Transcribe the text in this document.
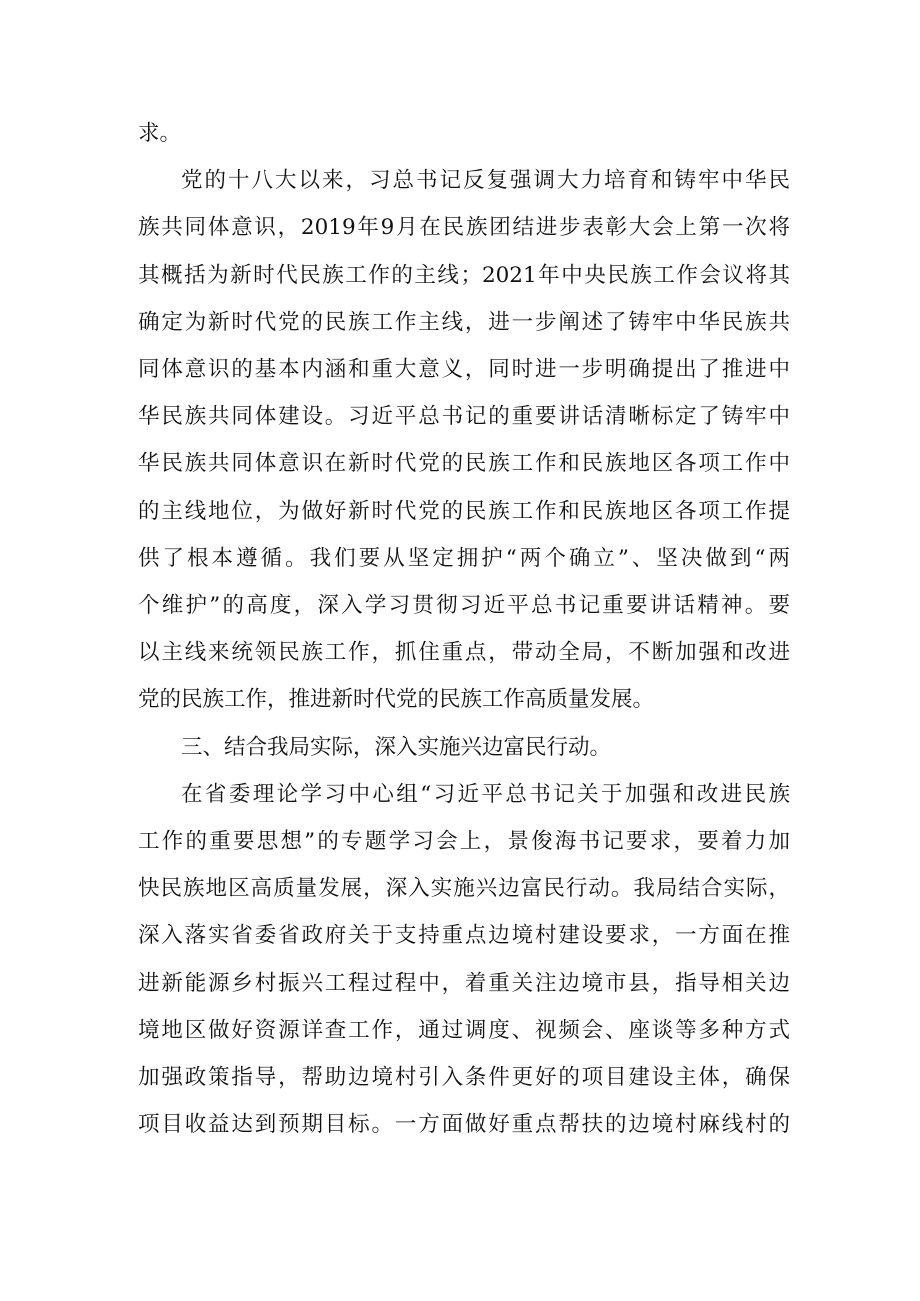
求。
党的十八大以来，习总书记反复强调大力培育和铸牢中华民
族共同体意识，2019年9月在民族团结进步表彰大会上第一次将
其概括为新时代民族工作的主线；2021年中央民族工作会议将其
确定为新时代党的民族工作主线，进一步阐述了铸牢中华民族共
同体意识的基本内涵和重大意义，同时进一步明确提出了推进中
华民族共同体建设。习近平总书记的重要讲话清晰标定了铸牢中
华民族共同体意识在新时代党的民族工作和民族地区各项工作中
的主线地位，为做好新时代党的民族工作和民族地区各项工作提
供了根本遵循。我们要从坚定拥护“两个确立”、坚决做到“两
个维护”的高度，深入学习贯彻习近平总书记重要讲话精神。要
以主线来统领民族工作，抓住重点，带动全局，不断加强和改进
党的民族工作，推进新时代党的民族工作高质量发展。
三、结合我局实际，深入实施兴边富民行动。
在省委理论学习中心组“习近平总书记关于加强和改进民族
工作的重要思想”的专题学习会上，景俊海书记要求，要着力加
快民族地区高质量发展，深入实施兴边富民行动。我局结合实际，
深入落实省委省政府关于支持重点边境村建设要求，一方面在推
进新能源乡村振兴工程过程中，着重关注边境市县，指导相关边
境地区做好资源详查工作，通过调度、视频会、座谈等多种方式
加强政策指导，帮助边境村引入条件更好的项目建设主体，确保
项目收益达到预期目标。一方面做好重点帮扶的边境村麻线村的
